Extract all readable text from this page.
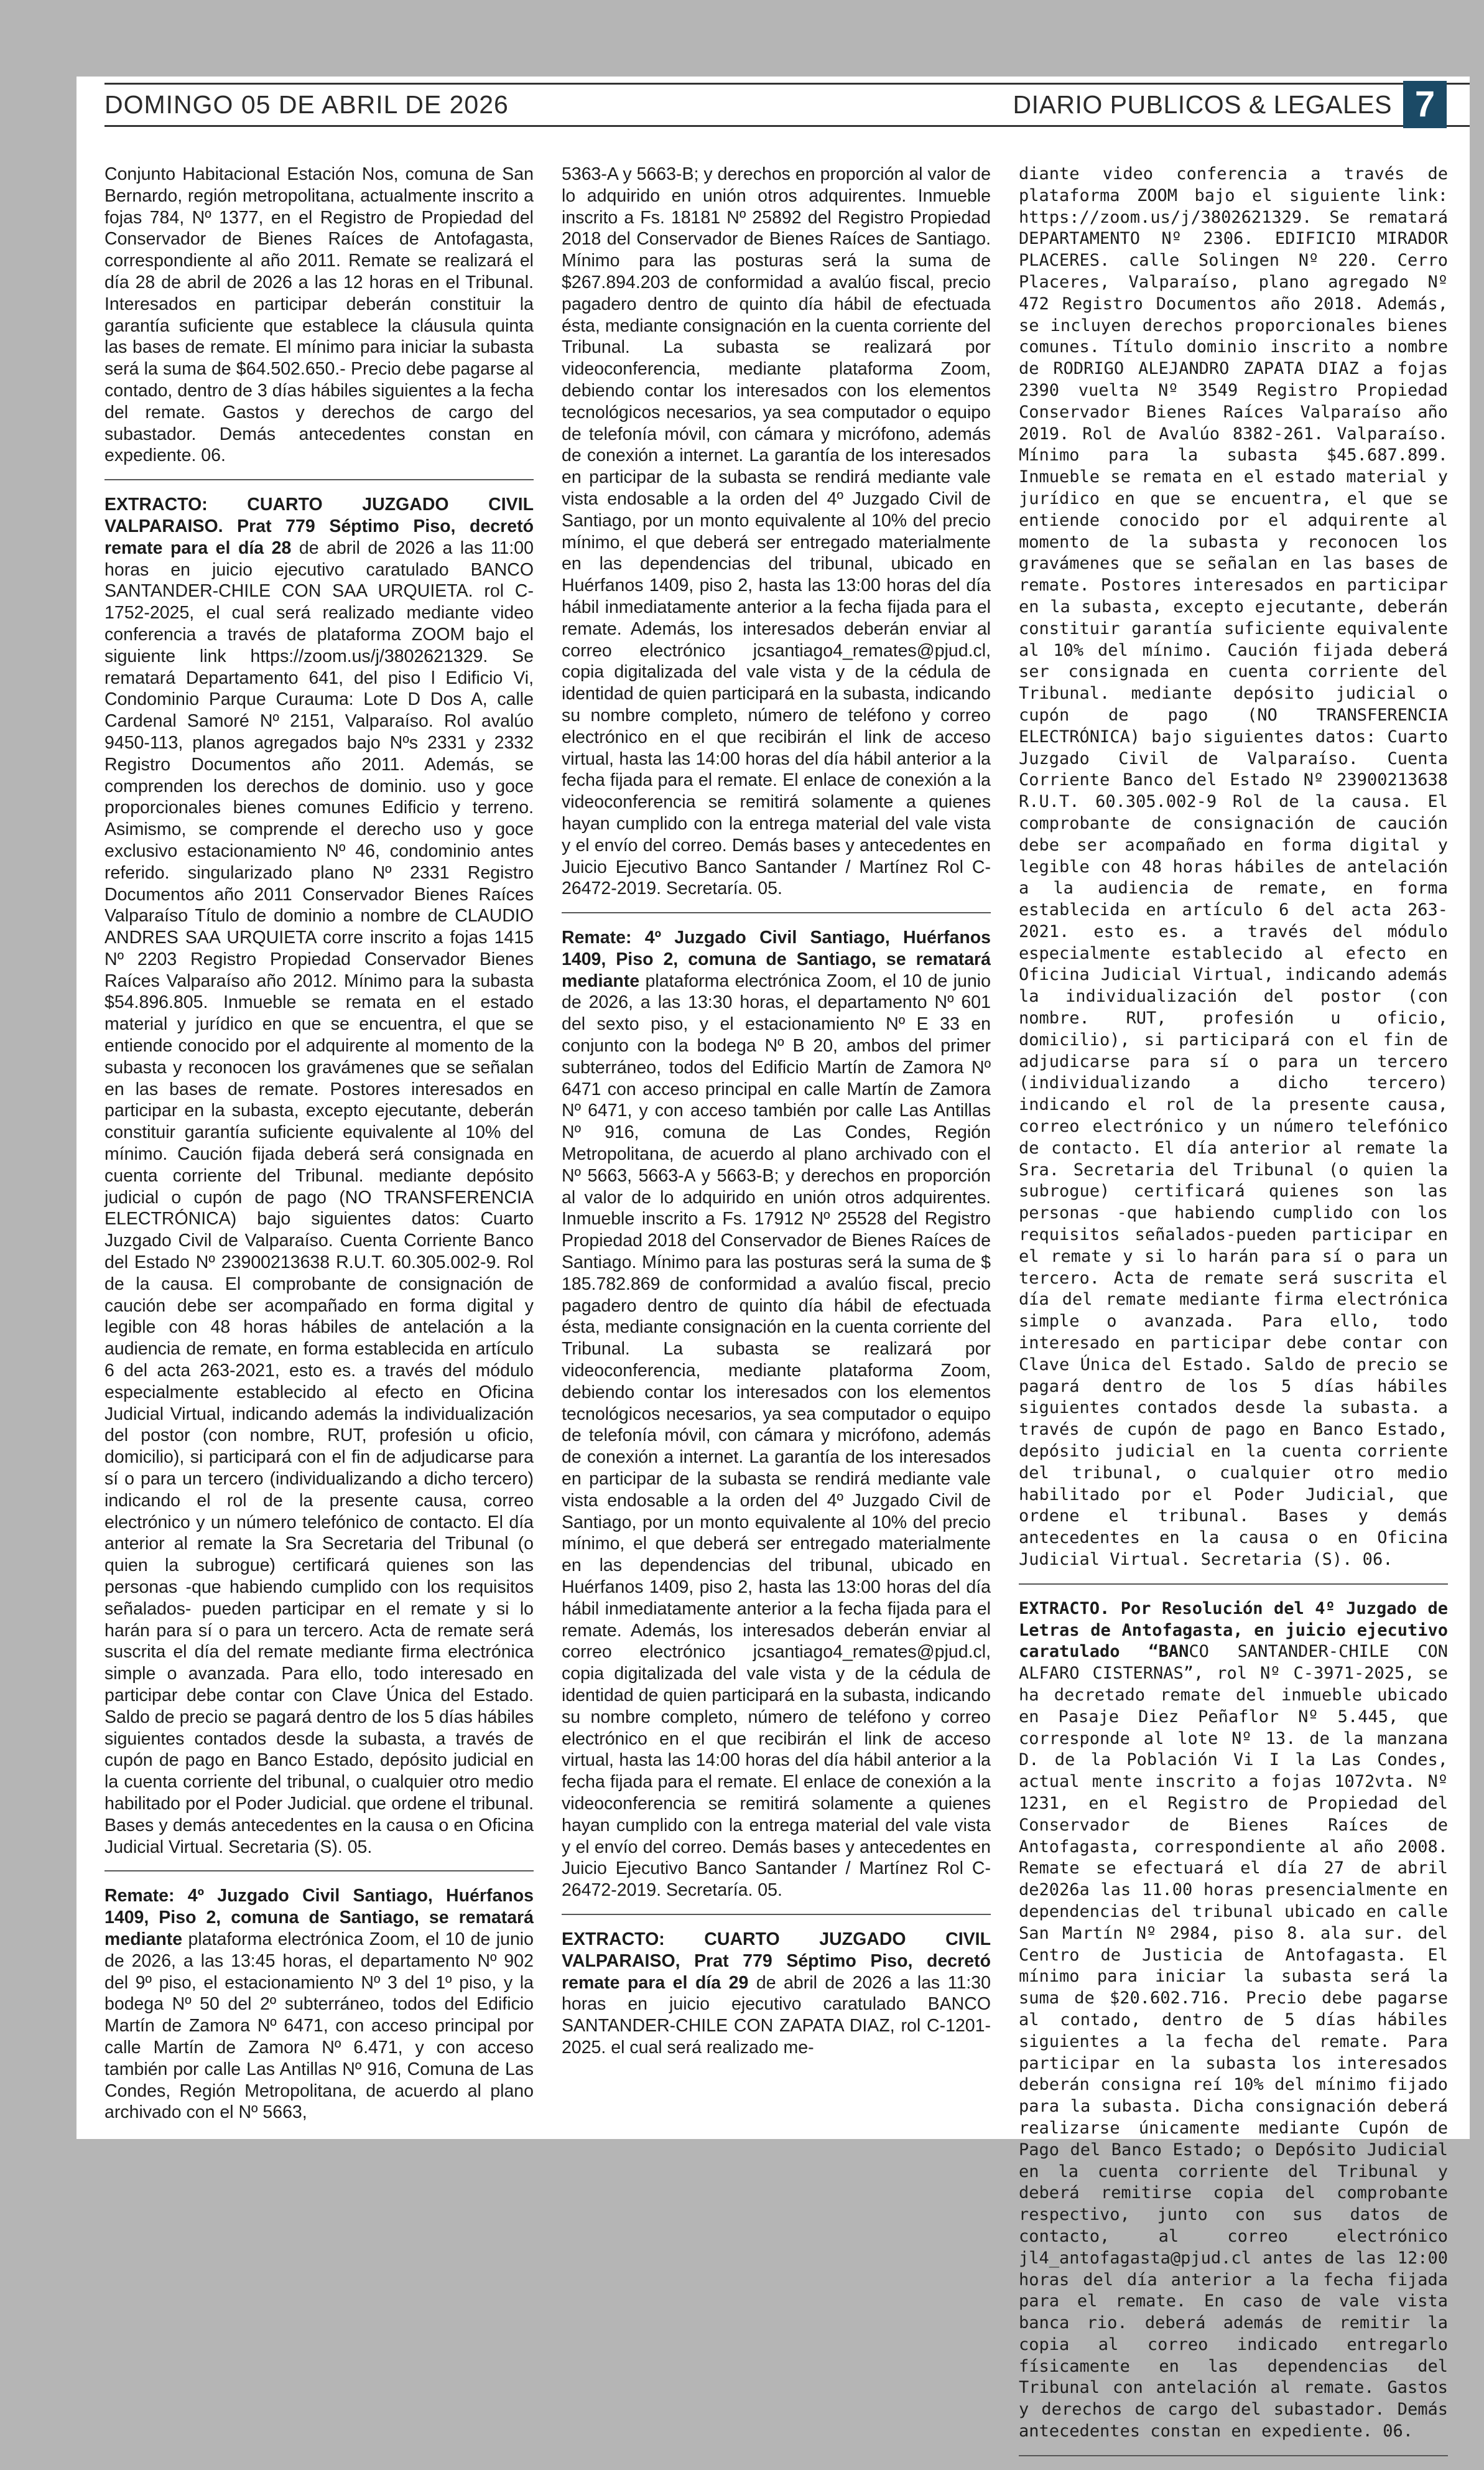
DOMINGO 05 DE ABRIL DE 2026	DIARIO PUBLICOS & LEGALES 7

Conjunto Habitacional Estación Nos, comuna de San Bernardo, región metropolitana, actualmente inscrito a fojas 784, Nº 1377, en el Registro de Propiedad del Conservador de Bienes Raíces de Antofagasta, correspondiente al año 2011. Remate se realizará el día 28 de abril de 2026 a las 12 horas en el Tribunal. Interesados en participar deberán constituir la garantía suficiente que establece la cláusula quinta las bases de remate. El mínimo para iniciar la subasta será la suma de $64.502.650.- Precio debe pagarse al contado, dentro de 3 días hábiles siguientes a la fecha del remate. Gastos y derechos de cargo del subastador. Demás antecedentes constan en expediente. 06.

EXTRACTO: CUARTO JUZGADO CIVIL VALPARAISO. Prat 779 Séptimo Piso, decretó remate para el día 28 de abril de 2026 a las 11:00 horas en juicio ejecutivo caratulado BANCO SANTANDER-CHILE CON SAA URQUIETA. rol C-1752-2025, el cual será realizado mediante video conferencia a través de plataforma ZOOM bajo el siguiente link https://zoom.us/j/3802621329. Se rematará Departamento 641, del piso l Edificio Vi, Condominio Parque Curauma: Lote D Dos A, calle Cardenal Samoré Nº 2151, Valparaíso. Rol avalúo 9450-113, planos agregados bajo Nºs 2331 y 2332 Registro Documentos año 2011. Además, se comprenden los derechos de dominio. uso y goce proporcionales bienes comunes Edificio y terreno. Asimismo, se comprende el derecho uso y goce exclusivo estacionamiento Nº 46, condominio antes referido. singularizado plano Nº 2331 Registro Documentos año 2011 Conservador Bienes Raíces Valparaíso Título de dominio a nombre de CLAUDIO ANDRES SAA URQUIETA corre inscrito a fojas 1415 Nº 2203 Registro Propiedad Conservador Bienes Raíces Valparaíso año 2012. Mínimo para la subasta $54.896.805. Inmueble se remata en el estado material y jurídico en que se encuentra, el que se entiende conocido por el adquirente al momento de la subasta y reconocen los gravámenes que se señalan en las bases de remate. Postores interesados en participar en la subasta, excepto ejecutante, deberán constituir garantía suficiente equivalente al 10% del mínimo. Caución fijada deberá será consignada en cuenta corriente del Tribunal. mediante depósito judicial o cupón de pago (NO TRANSFERENCIA ELECTRÓNICA) bajo siguientes datos: Cuarto Juzgado Civil de Valparaíso. Cuenta Corriente Banco del Estado Nº 23900213638 R.U.T. 60.305.002-9. Rol de la causa. El comprobante de consignación de caución debe ser acompañado en forma digital y legible con 48 horas hábiles de antelación a la audiencia de remate, en forma establecida en artículo 6 del acta 263-2021, esto es. a través del módulo especialmente establecido al efecto en Oficina Judicial Virtual, indicando además la individualización del postor (con nombre, RUT, profesión u oficio, domicilio), si participará con el fin de adjudicarse para sí o para un tercero (individualizando a dicho tercero) indicando el rol de la presente causa, correo electrónico y un número telefónico de contacto. El día anterior al remate la Sra Secretaria del Tribunal (o quien la subrogue) certificará quienes son las personas -que habiendo cumplido con los requisitos señalados- pueden participar en el remate y si lo harán para sí o para un tercero. Acta de remate será suscrita el día del remate mediante firma electrónica simple o avanzada. Para ello, todo interesado en participar debe contar con Clave Única del Estado. Saldo de precio se pagará dentro de los 5 días hábiles siguientes contados desde la subasta, a través de cupón de pago en Banco Estado, depósito judicial en la cuenta corriente del tribunal, o cualquier otro medio habilitado por el Poder Judicial. que ordene el tribunal. Bases y demás antecedentes en la causa o en Oficina Judicial Virtual. Secretaria (S). 05.

Remate: 4º Juzgado Civil Santiago, Huérfanos 1409, Piso 2, comuna de Santiago, se rematará mediante plataforma electrónica Zoom, el 10 de junio de 2026, a las 13:45 horas, el departamento Nº 902 del 9º piso, el estacionamiento Nº 3 del 1º piso, y la bodega Nº 50 del 2º subterráneo, todos del Edificio Martín de Zamora Nº 6471, con acceso principal por calle Martín de Zamora Nº 6.471, y con acceso también por calle Las Antillas Nº 916, Comuna de Las Condes, Región Metropolitana, de acuerdo al plano archivado con el Nº 5663,

5363-A y 5663-B; y derechos en proporción al valor de lo adquirido en unión otros adquirentes. Inmueble inscrito a Fs. 18181 Nº 25892 del Registro Propiedad 2018 del Conservador de Bienes Raíces de Santiago. Mínimo para las posturas será la suma de $267.894.203 de conformidad a avalúo fiscal, precio pagadero dentro de quinto día hábil de efectuada ésta, mediante consignación en la cuenta corriente del Tribunal. La subasta se realizará por videoconferencia, mediante plataforma Zoom, debiendo contar los interesados con los elementos tecnológicos necesarios, ya sea computador o equipo de telefonía móvil, con cámara y micrófono, además de conexión a internet. La garantía de los interesados en participar de la subasta se rendirá mediante vale vista endosable a la orden del 4º Juzgado Civil de Santiago, por un monto equivalente al 10% del precio mínimo, el que deberá ser entregado materialmente en las dependencias del tribunal, ubicado en Huérfanos 1409, piso 2, hasta las 13:00 horas del día hábil inmediatamente anterior a la fecha fijada para el remate. Además, los interesados deberán enviar al correo electrónico jcsantiago4_remates@pjud.cl, copia digitalizada del vale vista y de la cédula de identidad de quien participará en la subasta, indicando su nombre completo, número de teléfono y correo electrónico en el que recibirán el link de acceso virtual, hasta las 14:00 horas del día hábil anterior a la fecha fijada para el remate. El enlace de conexión a la videoconferencia se remitirá solamente a quienes hayan cumplido con la entrega material del vale vista y el envío del correo. Demás bases y antecedentes en Juicio Ejecutivo Banco Santander / Martínez Rol C-26472-2019. Secretaría. 05.

Remate: 4º Juzgado Civil Santiago, Huérfanos 1409, Piso 2, comuna de Santiago, se rematará mediante plataforma electrónica Zoom, el 10 de junio de 2026, a las 13:30 horas, el departamento Nº 601 del sexto piso, y el estacionamiento Nº E 33 en conjunto con la bodega Nº B 20, ambos del primer subterráneo, todos del Edificio Martín de Zamora Nº 6471 con acceso principal en calle Martín de Zamora Nº 6471, y con acceso también por calle Las Antillas Nº 916, comuna de Las Condes, Región Metropolitana, de acuerdo al plano archivado con el Nº 5663, 5663-A y 5663-B; y derechos en proporción al valor de lo adquirido en unión otros adquirentes. Inmueble inscrito a Fs. 17912 Nº 25528 del Registro Propiedad 2018 del Conservador de Bienes Raíces de Santiago. Mínimo para las posturas será la suma de $ 185.782.869 de conformidad a avalúo fiscal, precio pagadero dentro de quinto día hábil de efectuada ésta, mediante consignación en la cuenta corriente del Tribunal. La subasta se realizará por videoconferencia, mediante plataforma Zoom, debiendo contar los interesados con los elementos tecnológicos necesarios, ya sea computador o equipo de telefonía móvil, con cámara y micrófono, además de conexión a internet. La garantía de los interesados en participar de la subasta se rendirá mediante vale vista endosable a la orden del 4º Juzgado Civil de Santiago, por un monto equivalente al 10% del precio mínimo, el que deberá ser entregado materialmente en las dependencias del tribunal, ubicado en Huérfanos 1409, piso 2, hasta las 13:00 horas del día hábil inmediatamente anterior a la fecha fijada para el remate. Además, los interesados deberán enviar al correo electrónico jcsantiago4_remates@pjud.cl, copia digitalizada del vale vista y de la cédula de identidad de quien participará en la subasta, indicando su nombre completo, número de teléfono y correo electrónico en el que recibirán el link de acceso virtual, hasta las 14:00 horas del día hábil anterior a la fecha fijada para el remate. El enlace de conexión a la videoconferencia se remitirá solamente a quienes hayan cumplido con la entrega material del vale vista y el envío del correo. Demás bases y antecedentes en Juicio Ejecutivo Banco Santander / Martínez Rol C-26472-2019. Secretaría. 05.

EXTRACTO: CUARTO JUZGADO CIVIL VALPARAISO, Prat 779 Séptimo Piso, decretó remate para el día 29 de abril de 2026 a las 11:30 horas en juicio ejecutivo caratulado BANCO SANTANDER-CHILE CON ZAPATA DIAZ, rol C-1201-2025. el cual será realizado me-

diante video conferencia a través de plataforma ZOOM bajo el siguiente link: https://zoom.us/j/3802621329. Se rematará DEPARTAMENTO Nº 2306. EDIFICIO MIRADOR PLACERES. calle Solingen Nº 220. Cerro Placeres, Valparaíso, plano agregado Nº 472 Registro Documentos año 2018. Además, se incluyen derechos proporcionales bienes comunes. Título dominio inscrito a nombre de RODRIGO ALEJANDRO ZAPATA DIAZ a fojas 2390 vuelta Nº 3549 Registro Propiedad Conservador Bienes Raíces Valparaíso año 2019. Rol de Avalúo 8382-261. Valparaíso. Mínimo para la subasta $45.687.899. Inmueble se remata en el estado material y jurídico en que se encuentra, el que se entiende conocido por el adquirente al momento de la subasta y reconocen los gravámenes que se señalan en las bases de remate. Postores interesados en participar en la subasta, excepto ejecutante, deberán constituir garantía suficiente equivalente al 10% del mínimo. Caución fijada deberá ser consignada en cuenta corriente del Tribunal. mediante depósito judicial o cupón de pago (NO TRANSFERENCIA ELECTRÓNICA) bajo siguientes datos: Cuarto Juzgado Civil de Valparaíso. Cuenta Corriente Banco del Estado Nº 23900213638 R.U.T. 60.305.002-9 Rol de la causa. El comprobante de consignación de caución debe ser acompañado en forma digital y legible con 48 horas hábiles de antelación a la audiencia de remate, en forma establecida en artículo 6 del acta 263-2021. esto es. a través del módulo especialmente establecido al efecto en Oficina Judicial Virtual, indicando además la individualización del postor (con nombre. RUT, profesión u oficio, domicilio), si participará con el fin de adjudicarse para sí o para un tercero (individualizando a dicho tercero) indicando el rol de la presente causa, correo electrónico y un número telefónico de contacto. El día anterior al remate la Sra. Secretaria del Tribunal (o quien la subrogue) certificará quienes son las personas -que habiendo cumplido con los requisitos señalados-pueden participar en el remate y si lo harán para sí o para un tercero. Acta de remate será suscrita el día del remate mediante firma electrónica simple o avanzada. Para ello, todo interesado en participar debe contar con Clave Única del Estado. Saldo de precio se pagará dentro de los 5 días hábiles siguientes contados desde la subasta. a través de cupón de pago en Banco Estado, depósito judicial en la cuenta corriente del tribunal, o cualquier otro medio habilitado por el Poder Judicial, que ordene el tribunal. Bases y demás antecedentes en la causa o en Oficina Judicial Virtual. Secretaria (S). 06.

EXTRACTO. Por Resolución del 4º Juzgado de Letras de Antofagasta, en juicio ejecutivo caratulado “BANCO SANTANDER-CHILE CON ALFARO CISTERNAS”, rol Nº C-3971-2025, se ha decretado remate del inmueble ubicado en Pasaje Diez Peñaflor Nº 5.445, que corresponde al lote Nº 13. de la manzana D. de la Población Vi I la Las Condes, actual mente inscrito a fojas 1072vta. Nº 1231, en el Registro de Propiedad del Conservador de Bienes Raíces de Antofagasta, correspondiente al año 2008. Remate se efectuará el día 27 de abril de2026a las 11.00 horas presencialmente en dependencias del tribunal ubicado en calle San Martín Nº 2984, piso 8. ala sur. del Centro de Justicia de Antofagasta. El mínimo para iniciar la subasta será la suma de $20.602.716. Precio debe pagarse al contado, dentro de 5 días hábiles siguientes a la fecha del remate. Para participar en la subasta los interesados deberán consigna reí 10% del mínimo fijado para la subasta. Dicha consignación deberá realizarse únicamente mediante Cupón de Pago del Banco Estado; o Depósito Judicial en la cuenta corriente del Tribunal y deberá remitirse copia del comprobante respectivo, junto con sus datos de contacto, al correo electrónico jl4_antofagasta@pjud.cl antes de las 12:00 horas del día anterior a la fecha fijada para el remate. En caso de vale vista banca rio. deberá además de remitir la copia al correo indicado entregarlo físicamente en las dependencias del Tribunal con antelación al remate. Gastos y derechos de cargo del subastador. Demás antecedentes constan en expediente. 06.
